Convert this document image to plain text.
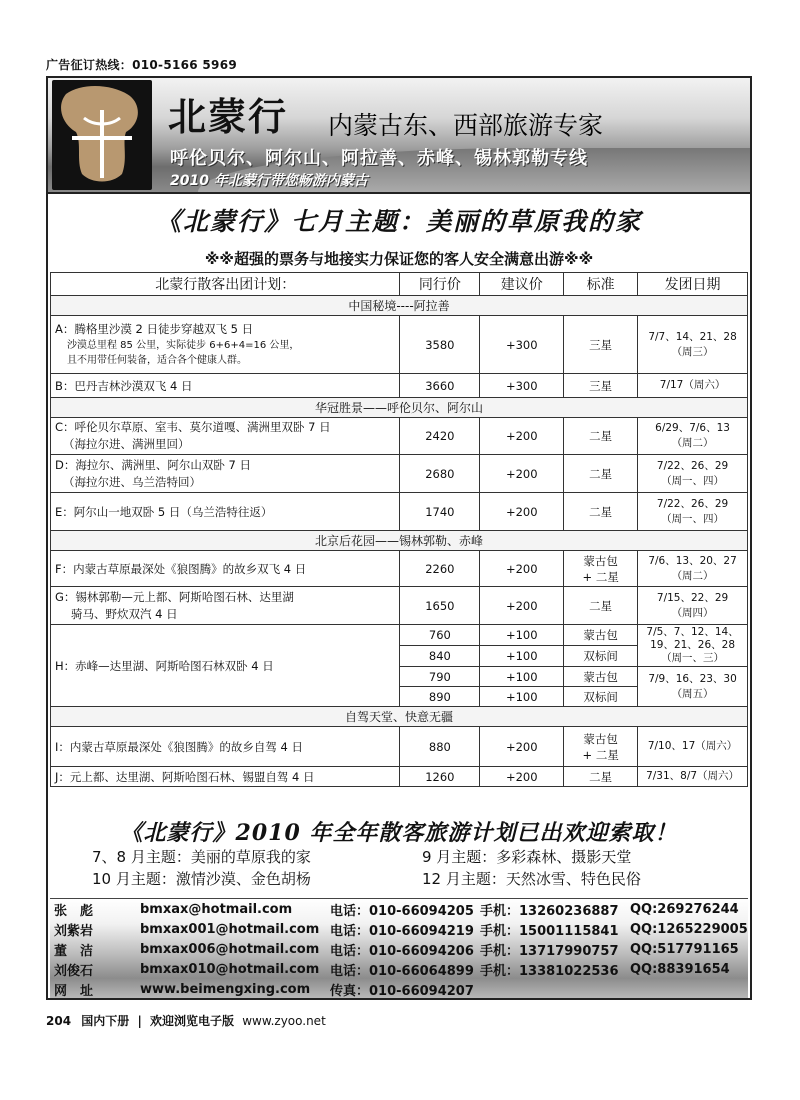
广告征订热线：010-5166 5969
北蒙行 内蒙古东、西部旅游专家
呼伦贝尔、阿尔山、阿拉善、赤峰、锡林郭勒专线
2010 年北蒙行带您畅游内蒙古
《北蒙行》七月主题：美丽的草原我的家
※※超强的票务与地接实力保证您的客人安全满意出游※※
北蒙行散客出团计划：	同行价	建议价	标准	发团日期
中国秘境----阿拉善				

A：腾格里沙漠 2 日徒步穿越双飞 5 日
沙漠总里程 85 公里，实际徒步 6+6+4=16 公里，
且不用带任何装备，适合各个健康人群。	3580	+300	三星	7/7、14、21、28
（周三）

B：巴丹吉林沙漠双飞 4 日	3660	+300	三星	7/17（周六）
华冠胜景——呼伦贝尔、阿尔山				

C：呼伦贝尔草原、室韦、莫尔道嘎、满洲里双卧 7 日
（海拉尔进、满洲里回）	2420	+200	二星	6/29、7/6、13
（周二）

D：海拉尔、满洲里、阿尔山双卧 7 日
（海拉尔进、乌兰浩特回）	2680	+200	二星	7/22、26、29
（周一、四）

E：阿尔山一地双卧 5 日（乌兰浩特往返）	1740	+200	二星	7/22、26、29
（周一、四）

北京后花园——锡林郭勒、赤峰				
F：内蒙古草原最深处《狼图腾》的故乡双飞 4 日	2260	+200	蒙古包
+ 二星	7/6、13、20、27
（周二）

G：锡林郭勒—元上都、阿斯哈图石林、达里湖
骑马、野炊双汽 4 日	1650	+200	二星	7/15、22、29
（周四）

H：赤峰—达里湖、阿斯哈图石林双卧 4 日	760	+100	蒙古包	7/5、7、12、14、
19、21、26、28
（周一、三）

	840	+100	双标间	
	790	+100	蒙古包	7/9、16、23、30
（周五）

	890	+100	双标间	
自驾天堂、快意无疆				
I：内蒙古草原最深处《狼图腾》的故乡自驾 4 日	880	+200	蒙古包
+ 二星	7/10、17（周六）
J：元上都、达里湖、阿斯哈图石林、锡盟自驾 4 日	1260	+200	二星	7/31、8/7（周六）
《北蒙行》2010 年全年散客旅游计划已出欢迎索取！
7、8 月主题：美丽的草原我的家	9 月主题：多彩森林、摄影天堂
10 月主题：激情沙漠、金色胡杨	12 月主题：天然冰雪、特色民俗
张　彪	bmxax@hotmail.com	电话：010-66094205 手机：13260236887 QQ:269276244
刘紫岩	bmxax001@hotmail.com 电话：010-66094219 手机：15001115841 QQ:1265229005
董　洁	bmxax006@hotmail.com 电话：010-66094206 手机：13717990757 QQ:517791165
刘俊石	bmxax010@hotmail.com 电话：010-66064899 手机：13381022536 QQ:88391654
网　址	www.beimengxing.com	传真：010-66094207
204 国内下册 | 欢迎浏览电子版 www.zyoo.net
